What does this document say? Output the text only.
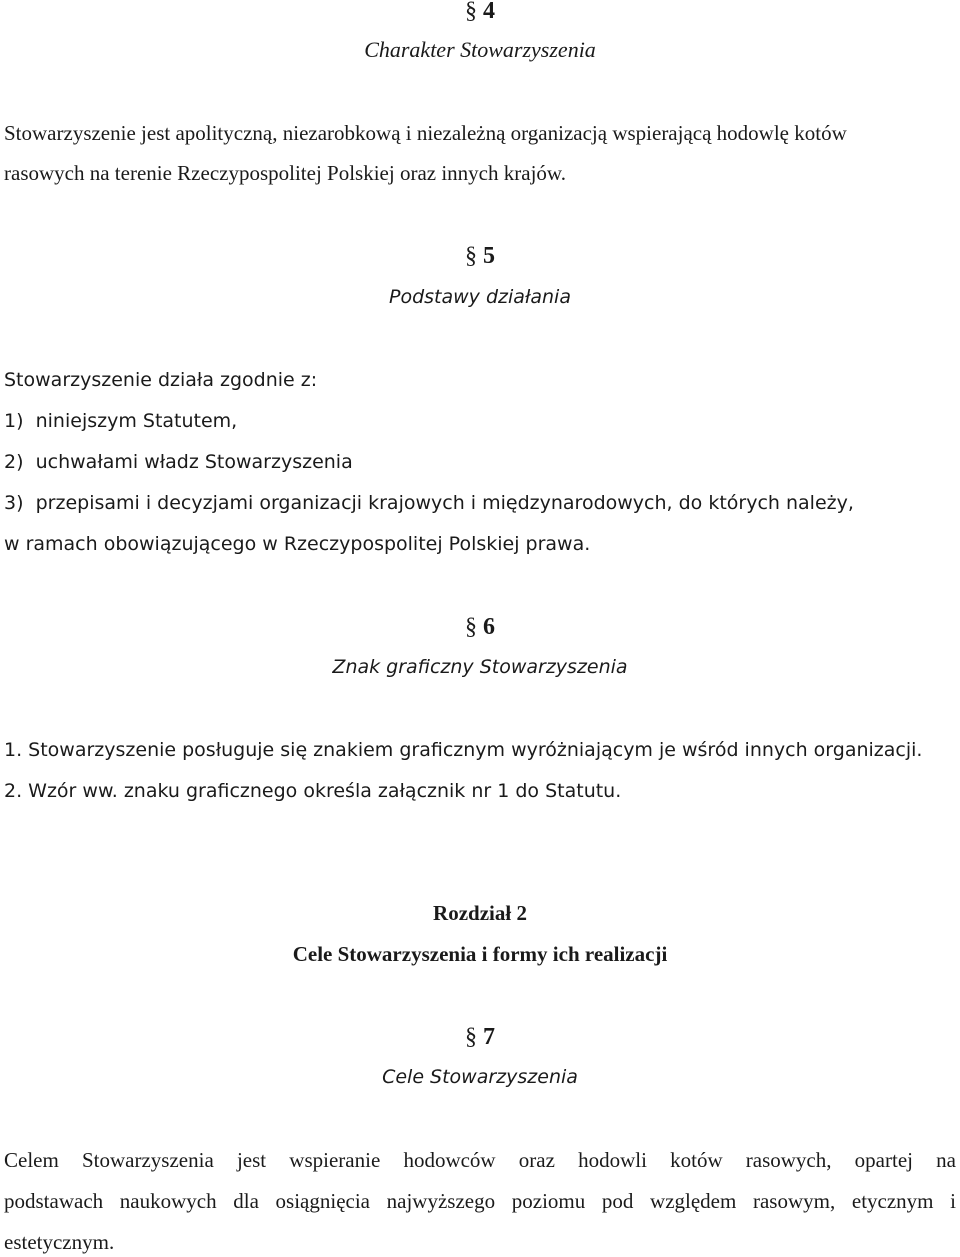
§ 4
Charakter Stowarzyszenia
Stowarzyszenie jest apolityczną, niezarobkową i niezależną organizacją wspierającą hodowlę kotów
rasowych na terenie Rzeczypospolitej Polskiej oraz innych krajów.
§ 5
Podstawy działania
Stowarzyszenie działa zgodnie z:
1) niniejszym Statutem,
2) uchwałami władz Stowarzyszenia
3) przepisami i decyzjami organizacji krajowych i międzynarodowych, do których należy,
w ramach obowiązującego w Rzeczypospolitej Polskiej prawa.
§ 6
Znak graficzny Stowarzyszenia
1. Stowarzyszenie posługuje się znakiem graficznym wyróżniającym je wśród innych organizacji.
2. Wzór ww. znaku graficznego określa załącznik nr 1 do Statutu.
Rozdział 2
Cele Stowarzyszenia i formy ich realizacji
§ 7
Cele Stowarzyszenia
Celem Stowarzyszenia jest wspieranie hodowców oraz hodowli kotów rasowych, opartej na
podstawach naukowych dla osiągnięcia najwyższego poziomu pod względem rasowym, etycznym i
estetycznym.
